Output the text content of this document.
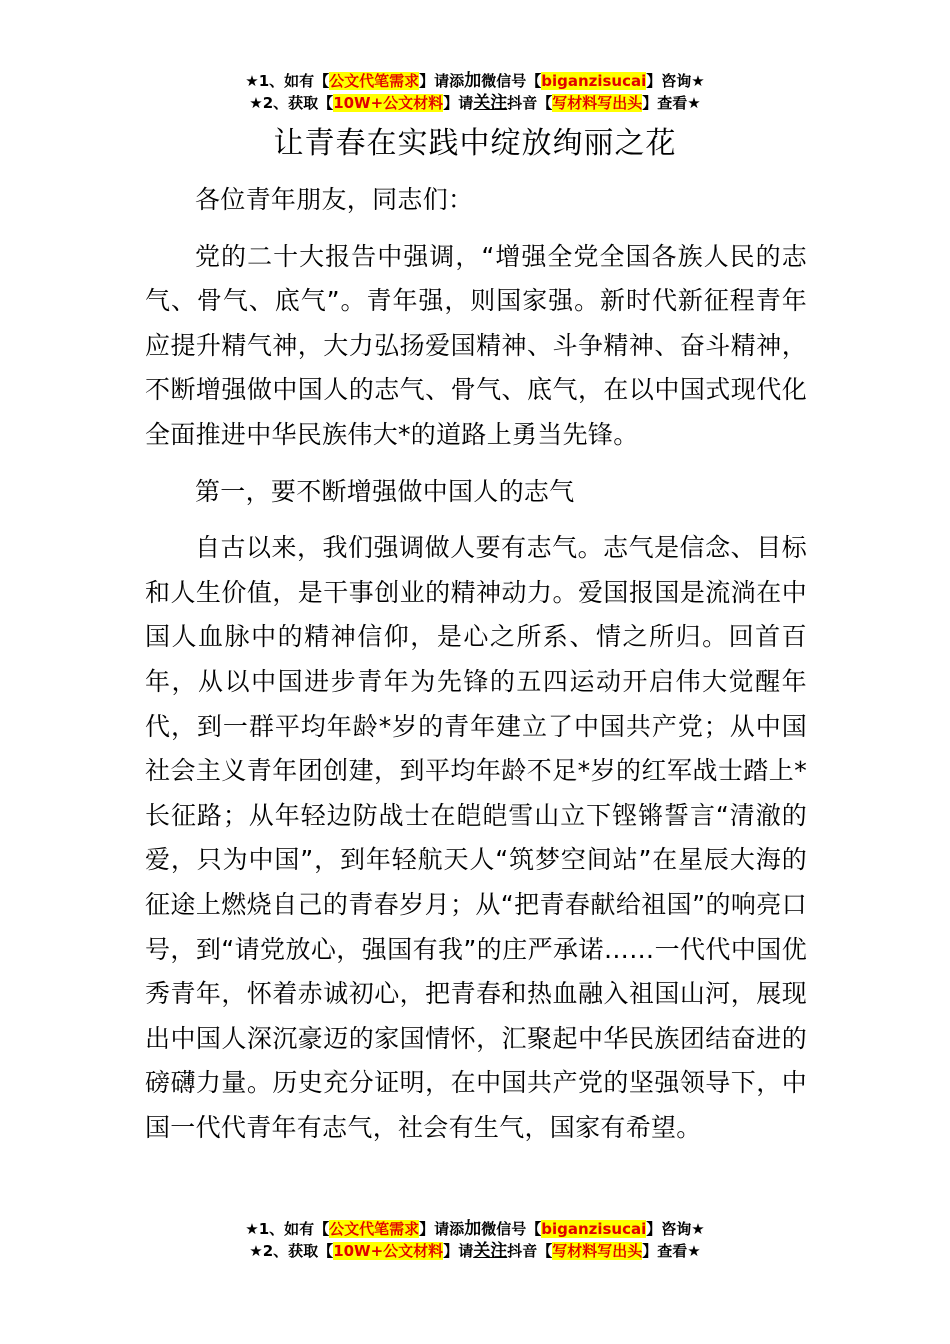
★1、如有【公文代笔需求】请添加微信号【biganzisucai】咨询★
★2、获取【10W+公文材料】请关注抖音【写材料写出头】查看★
让青春在实践中绽放绚丽之花

各位青年朋友，同志们：

党的二十大报告中强调，“增强全党全国各族人民的志气、骨气、底气”。青年强，则国家强。新时代新征程青年应提升精气神，大力弘扬爱国精神、斗争精神、奋斗精神，不断增强做中国人的志气、骨气、底气，在以中国式现代化全面推进中华民族伟大*的道路上勇当先锋。

第一，要不断增强做中国人的志气

自古以来，我们强调做人要有志气。志气是信念、目标和人生价值，是干事创业的精神动力。爱国报国是流淌在中国人血脉中的精神信仰，是心之所系、情之所归。回首百年，从以中国进步青年为先锋的五四运动开启伟大觉醒年代，到一群平均年龄*岁的青年建立了中国共产党；从中国社会主义青年团创建，到平均年龄不足*岁的红军战士踏上*长征路；从年轻边防战士在皑皑雪山立下铿锵誓言“清澈的爱，只为中国”，到年轻航天人“筑梦空间站”在星辰大海的征途上燃烧自己的青春岁月；从“把青春献给祖国”的响亮口号，到“请党放心，强国有我”的庄严承诺……一代代中国优秀青年，怀着赤诚初心，把青春和热血融入祖国山河，展现出中国人深沉豪迈的家国情怀，汇聚起中华民族团结奋进的磅礴力量。历史充分证明，在中国共产党的坚强领导下，中国一代代青年有志气，社会有生气，国家有希望。

★1、如有【公文代笔需求】请添加微信号【biganzisucai】咨询★
★2、获取【10W+公文材料】请关注抖音【写材料写出头】查看★
